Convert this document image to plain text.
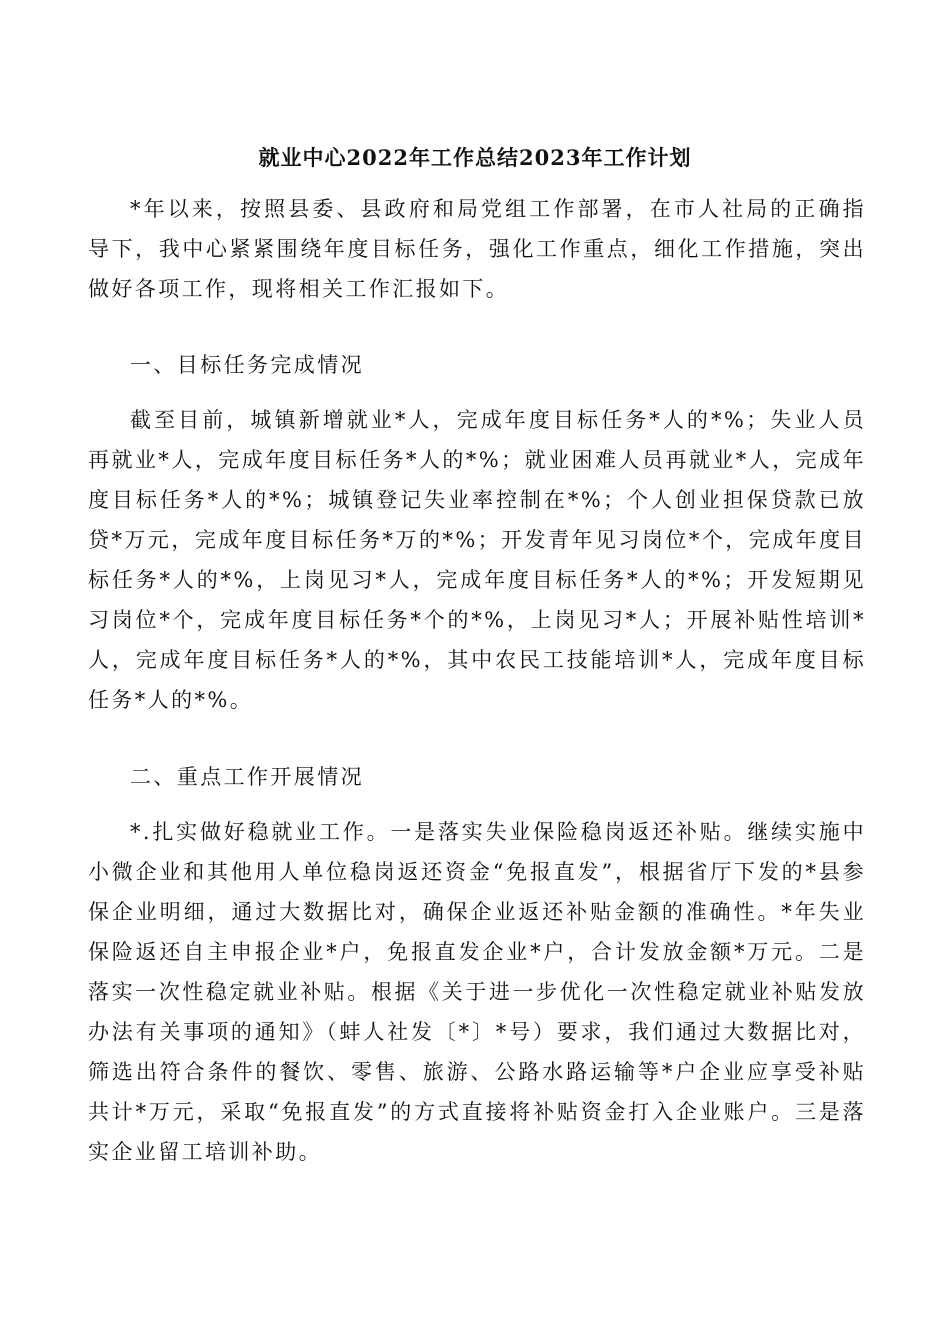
就业中心2022年工作总结2023年工作计划

*年以来，按照县委、县政府和局党组工作部署，在市人社局的正确指导下，我中心紧紧围绕年度目标任务，强化工作重点，细化工作措施，突出做好各项工作，现将相关工作汇报如下。

一、目标任务完成情况

截至目前，城镇新增就业*人，完成年度目标任务*人的*%；失业人员再就业*人，完成年度目标任务*人的*%；就业困难人员再就业*人，完成年度目标任务*人的*%；城镇登记失业率控制在*%；个人创业担保贷款已放贷*万元，完成年度目标任务*万的*%；开发青年见习岗位*个，完成年度目标任务*人的*%，上岗见习*人，完成年度目标任务*人的*%；开发短期见习岗位*个，完成年度目标任务*个的*%，上岗见习*人；开展补贴性培训*人，完成年度目标任务*人的*%，其中农民工技能培训*人，完成年度目标任务*人的*%。

二、重点工作开展情况

*.扎实做好稳就业工作。一是落实失业保险稳岗返还补贴。继续实施中小微企业和其他用人单位稳岗返还资金“免报直发”，根据省厅下发的*县参保企业明细，通过大数据比对，确保企业返还补贴金额的准确性。*年失业保险返还自主申报企业*户，免报直发企业*户，合计发放金额*万元。二是落实一次性稳定就业补贴。根据《关于进一步优化一次性稳定就业补贴发放办法有关事项的通知》（蚌人社发〔*〕*号）要求，我们通过大数据比对，筛选出符合条件的餐饮、零售、旅游、公路水路运输等*户企业应享受补贴共计*万元，采取“免报直发”的方式直接将补贴资金打入企业账户。三是落实企业留工培训补助。
